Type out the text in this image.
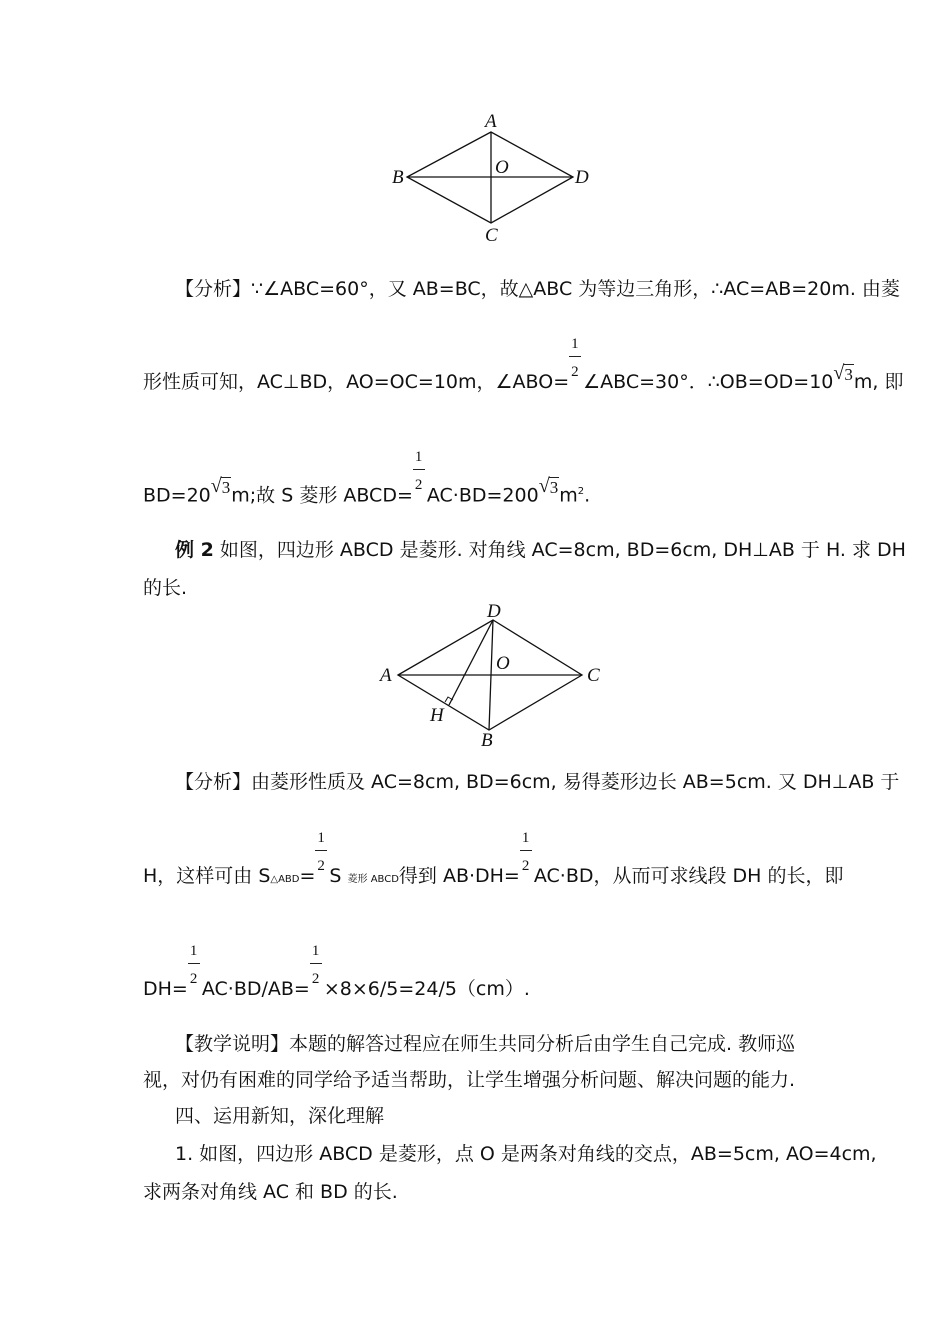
A
B
C
D
O
【分析】∵∠ABC=60°，又 AB=BC，故△ABC 为等边三角形，∴AC=AB=20m. 由菱
形性质可知，AC⊥BD，AO=OC=10m，∠ABO= $\frac{1}{2}$ ∠ABC=30°．∴OB=OD=10 √ 3m, 即
BD=20 √ 3m;故 S 菱形 ABCD= $\frac{1}{2} AC\cdot BD=200$ √ $3m^2$.
例 2 如图，四边形 ABCD 是菱形. 对角线 AC=8cm, BD=6cm, DH⊥AB 于 H. 求 DH
的长.
D
A	C
B
O
H
【分析】由菱形性质及 AC=8cm, BD=6cm, 易得菱形边长 AB=5cm. 又 DH⊥AB 于
H，这样可由 S△ABD= $\frac{1}{2}$ S 菱形 ABCD得到 $AB\cdot DH= \frac{1}{2} AC\cdot BD$，从而可求线段 DH 的长，即
$DH= \frac{1}{2} AC\cdot BD/AB= \frac{1}{2} \times 8\times 6/5=24/5(cm)$.
【教学说明】本题的解答过程应在师生共同分析后由学生自己完成. 教师巡
视，对仍有困难的同学给予适当帮助，让学生增强分析问题、解决问题的能力.
四、运用新知，深化理解
1. 如图，四边形 ABCD 是菱形，点 O 是两条对角线的交点，AB=5cm, AO=4cm,
求两条对角线 AC 和 BD 的长.
